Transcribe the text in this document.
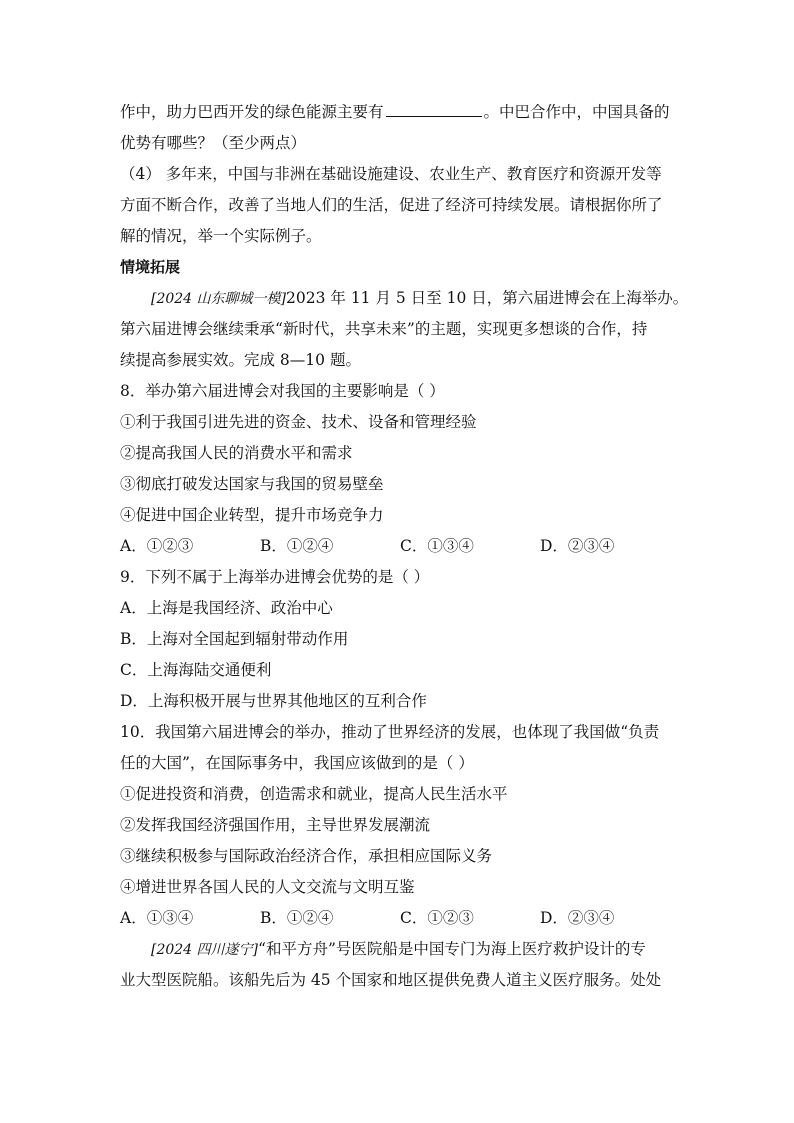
作中，助力巴西开发的绿色能源主要有	。中巴合作中，中国具备的
优势有哪些？（至少两点）
（4） 多年来，中国与非洲在基础设施建设、农业生产、教育医疗和资源开发等
方面不断合作，改善了当地人们的生活，促进了经济可持续发展。请根据你所了
解的情况，举一个实际例子。
情境拓展
[2024 山东聊城一模]2023 年 11 月 5 日至 10 日，第六届进博会在上海举办。
第六届进博会继续秉承“新时代，共享未来”的主题，实现更多想谈的合作，持
续提高参展实效。完成 8—10 题。
8．举办第六届进博会对我国的主要影响是（ ）
①利于我国引进先进的资金、技术、设备和管理经验
②提高我国人民的消费水平和需求
③彻底打破发达国家与我国的贸易壁垒
④促进中国企业转型，提升市场竞争力
A．①②③	B．①②④	C．①③④	D．②③④
9．下列不属于上海举办进博会优势的是（ ）
A．上海是我国经济、政治中心
B．上海对全国起到辐射带动作用
C．上海海陆交通便利
D．上海积极开展与世界其他地区的互利合作
10．我国第六届进博会的举办，推动了世界经济的发展，也体现了我国做“负责
任的大国”，在国际事务中，我国应该做到的是（ ）
①促进投资和消费，创造需求和就业，提高人民生活水平
②发挥我国经济强国作用，主导世界发展潮流
③继续积极参与国际政治经济合作，承担相应国际义务
④增进世界各国人民的人文交流与文明互鉴
A．①③④	B．①②④	C．①②③	D．②③④
[2024 四川遂宁]“和平方舟”号医院船是中国专门为海上医疗救护设计的专
业大型医院船。该船先后为 45 个国家和地区提供免费人道主义医疗服务。处处
